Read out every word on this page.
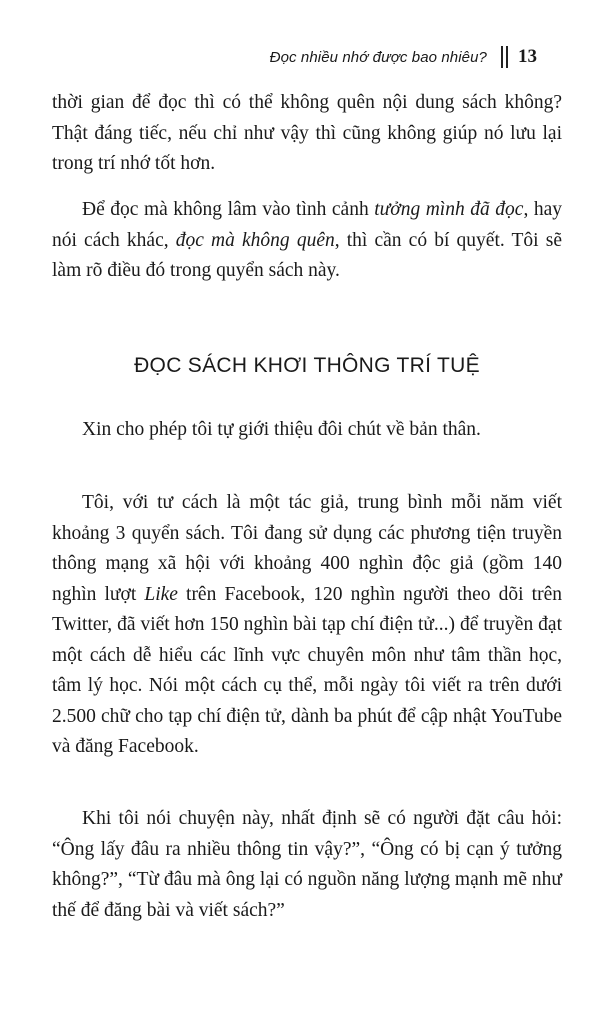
Đọc nhiều nhớ được bao nhiêu? 13

thời gian để đọc thì có thể không quên nội dung sách không? Thật đáng tiếc, nếu chỉ như vậy thì cũng không giúp nó lưu lại trong trí nhớ tốt hơn.

Để đọc mà không lâm vào tình cảnh tưởng mình đã đọc, hay nói cách khác, đọc mà không quên, thì cần có bí quyết. Tôi sẽ làm rõ điều đó trong quyển sách này.

ĐỌC SÁCH KHƠI THÔNG TRÍ TUỆ

Xin cho phép tôi tự giới thiệu đôi chút về bản thân.

Tôi, với tư cách là một tác giả, trung bình mỗi năm viết khoảng 3 quyển sách. Tôi đang sử dụng các phương tiện truyền thông mạng xã hội với khoảng 400 nghìn độc giả (gồm 140 nghìn lượt Like trên Facebook, 120 nghìn người theo dõi trên Twitter, đã viết hơn 150 nghìn bài tạp chí điện tử...) để truyền đạt một cách dễ hiểu các lĩnh vực chuyên môn như tâm thần học, tâm lý học. Nói một cách cụ thể, mỗi ngày tôi viết ra trên dưới 2.500 chữ cho tạp chí điện tử, dành ba phút để cập nhật YouTube và đăng Facebook.

Khi tôi nói chuyện này, nhất định sẽ có người đặt câu hỏi: “Ông lấy đâu ra nhiều thông tin vậy?”, “Ông có bị cạn ý tưởng không?”, “Từ đâu mà ông lại có nguồn năng lượng mạnh mẽ như thế để đăng bài và viết sách?”
